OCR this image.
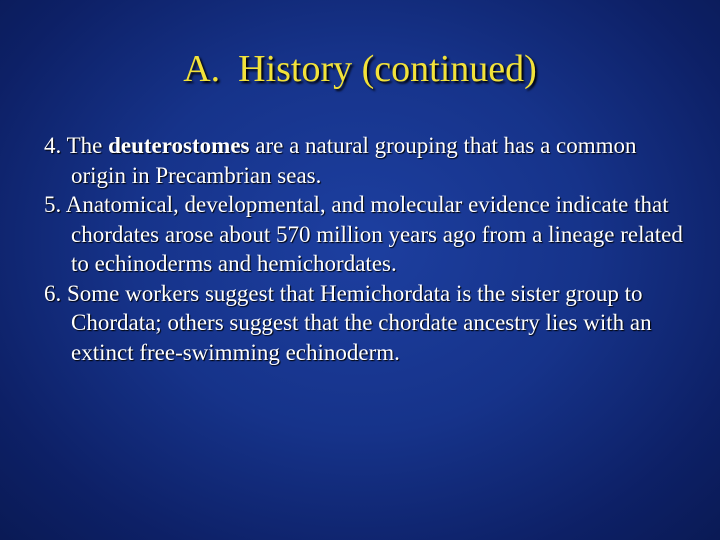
A. History (continued)
4. The deuterostomes are a natural grouping that has a common origin in Precambrian seas.
5. Anatomical, developmental, and molecular evidence indicate that chordates arose about 570 million years ago from a lineage related to echinoderms and hemichordates.
6. Some workers suggest that Hemichordata is the sister group to Chordata; others suggest that the chordate ancestry lies with an extinct free-swimming echinoderm.
